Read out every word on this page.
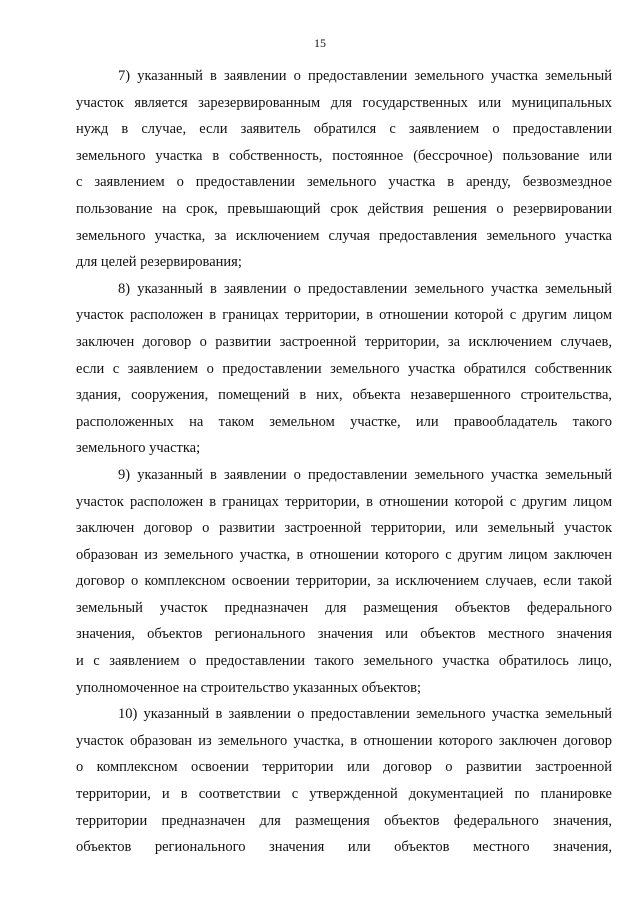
15
7) указанный в заявлении о предоставлении земельного участка земельный
участок является зарезервированным для государственных или муниципальных
нужд в случае, если заявитель обратился с заявлением о предоставлении
земельного участка в собственность, постоянное (бессрочное) пользование или
с заявлением о предоставлении земельного участка в аренду, безвозмездное
пользование на срок, превышающий срок действия решения о резервировании
земельного участка, за исключением случая предоставления земельного участка
для целей резервирования;
8) указанный в заявлении о предоставлении земельного участка земельный
участок расположен в границах территории, в отношении которой с другим лицом
заключен договор о развитии застроенной территории, за исключением случаев,
если с заявлением о предоставлении земельного участка обратился собственник
здания, сооружения, помещений в них, объекта незавершенного строительства,
расположенных на таком земельном участке, или правообладатель такого
земельного участка;
9) указанный в заявлении о предоставлении земельного участка земельный
участок расположен в границах территории, в отношении которой с другим лицом
заключен договор о развитии застроенной территории, или земельный участок
образован из земельного участка, в отношении которого с другим лицом заключен
договор о комплексном освоении территории, за исключением случаев, если такой
земельный участок предназначен для размещения объектов федерального
значения, объектов регионального значения или объектов местного значения
и с заявлением о предоставлении такого земельного участка обратилось лицо,
уполномоченное на строительство указанных объектов;
10) указанный в заявлении о предоставлении земельного участка земельный
участок образован из земельного участка, в отношении которого заключен договор
о комплексном освоении территории или договор о развитии застроенной
территории, и в соответствии с утвержденной документацией по планировке
территории предназначен для размещения объектов федерального значения,
объектов регионального значения или объектов местного значения,
